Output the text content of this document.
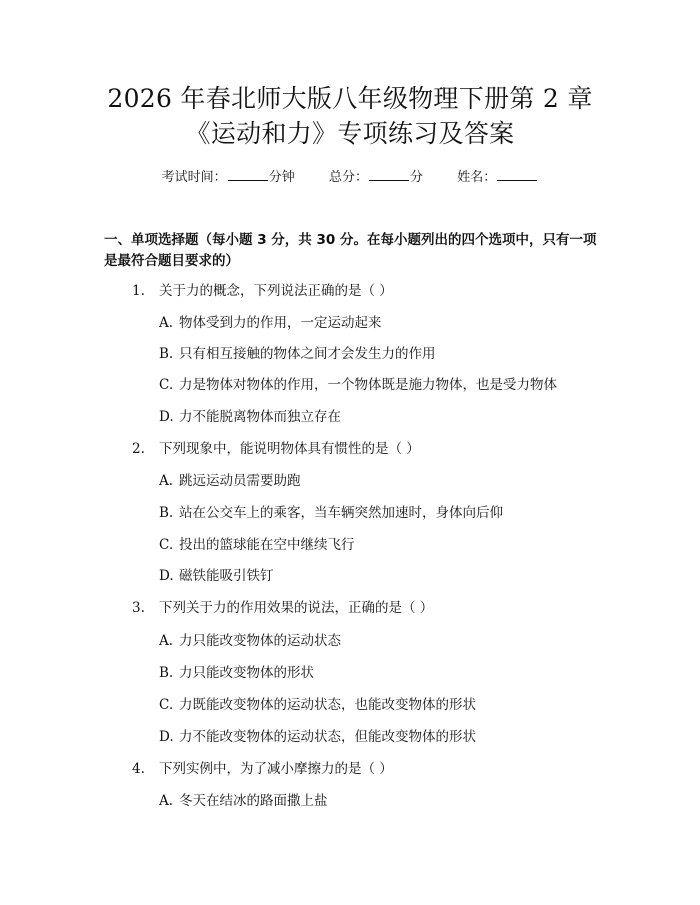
2026 年春北师大版八年级物理下册第 2 章
《运动和力》专项练习及答案
考试时间：	分钟	总分：	分	姓名：

一、单项选择题（每小题 3 分，共 30 分。在每小题列出的四个选项中，只有一项是最符合题目要求的）

1. 关于力的概念，下列说法正确的是（ ）

A. 物体受到力的作用，一定运动起来

B. 只有相互接触的物体之间才会发生力的作用

C. 力是物体对物体的作用，一个物体既是施力物体，也是受力物体

D. 力不能脱离物体而独立存在

2. 下列现象中，能说明物体具有惯性的是（ ）

A. 跳远运动员需要助跑

B. 站在公交车上的乘客，当车辆突然加速时，身体向后仰

C. 投出的篮球能在空中继续飞行

D. 磁铁能吸引铁钉

3. 下列关于力的作用效果的说法，正确的是（ ）

A. 力只能改变物体的运动状态

B. 力只能改变物体的形状

C. 力既能改变物体的运动状态，也能改变物体的形状

D. 力不能改变物体的运动状态，但能改变物体的形状

4. 下列实例中，为了减小摩擦力的是（ ）

A. 冬天在结冰的路面撒上盐
